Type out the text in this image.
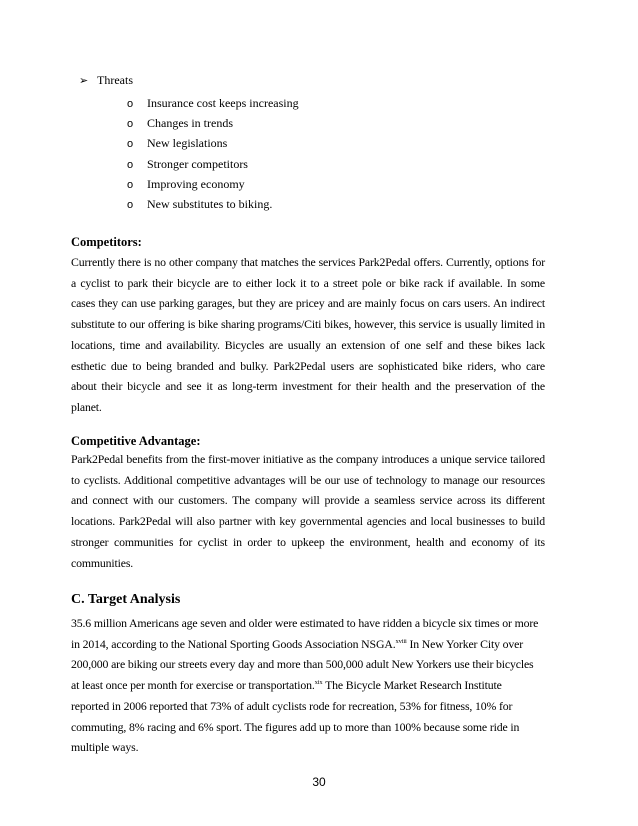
➢ Threats
o Insurance cost keeps increasing
o Changes in trends
o New legislations
o Stronger competitors
o Improving economy
o New substitutes to biking.
Competitors:

Currently there is no other company that matches the services Park2Pedal offers. Currently, options for
a cyclist to park their bicycle are to either lock it to a street pole or bike rack if available. In some
cases they can use parking garages, but they are pricey and are mainly focus on cars users. An indirect
substitute to our offering is bike sharing programs/Citi bikes, however, this service is usually limited in
locations, time and availability. Bicycles are usually an extension of one self and these bikes lack
esthetic due to being branded and bulky. Park2Pedal users are sophisticated bike riders, who care
about their bicycle and see it as long-term investment for their health and the preservation of the
planet.

Competitive Advantage:

Park2Pedal benefits from the first-mover initiative as the company introduces a unique service tailored
to cyclists. Additional competitive advantages will be our use of technology to manage our resources
and connect with our customers. The company will provide a seamless service across its different
locations. Park2Pedal will also partner with key governmental agencies and local businesses to build
stronger communities for cyclist in order to upkeep the environment, health and economy of its
communities.

C. Target Analysis

35.6 million Americans age seven and older were estimated to have ridden a bicycle six times or more
in 2014, according to the National Sporting Goods Association NSGA.$^{xviii}$ In New Yorker City over
200,000 are biking our streets every day and more than 500,000 adult New Yorkers use their bicycles
at least once per month for exercise or transportation.$^{xix}$ The Bicycle Market Research Institute
reported in 2006 reported that 73% of adult cyclists rode for recreation, 53% for fitness, 10% for
commuting, 8% racing and 6% sport. The figures add up to more than 100% because some ride in
multiple ways.

30
